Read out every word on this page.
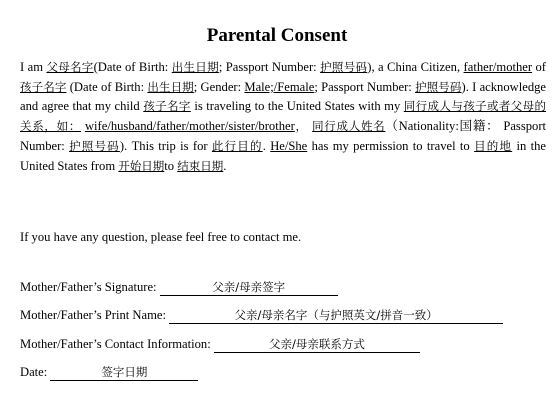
Parental Consent
I am 父母名字(Date of Birth: 出生日期; Passport Number: 护照号码), a China Citizen, father/mother of 孩子名字 (Date of Birth: 出生日期; Gender: Male;/Female; Passport Number: 护照号码). I acknowledge and agree that my child 孩子名字 is traveling to the United States with my 同行成人与孩子或者父母的关系，如： wife/husband/father/mother/sister/brother， 同行成人姓名（Nationality:国籍： Passport Number: 护照号码). This trip is for 此行目的. He/She has my permission to travel to 目的地 in the United States from 开始日期to 结束日期.
If you have any question, please feel free to contact me.
Mother/Father’s Signature:	父亲/母亲签字
Mother/Father’s Print Name:	父亲/母亲名字（与护照英文/拼音一致）
Mother/Father’s Contact Information:	父亲/母亲联系方式
Date:	签字日期
